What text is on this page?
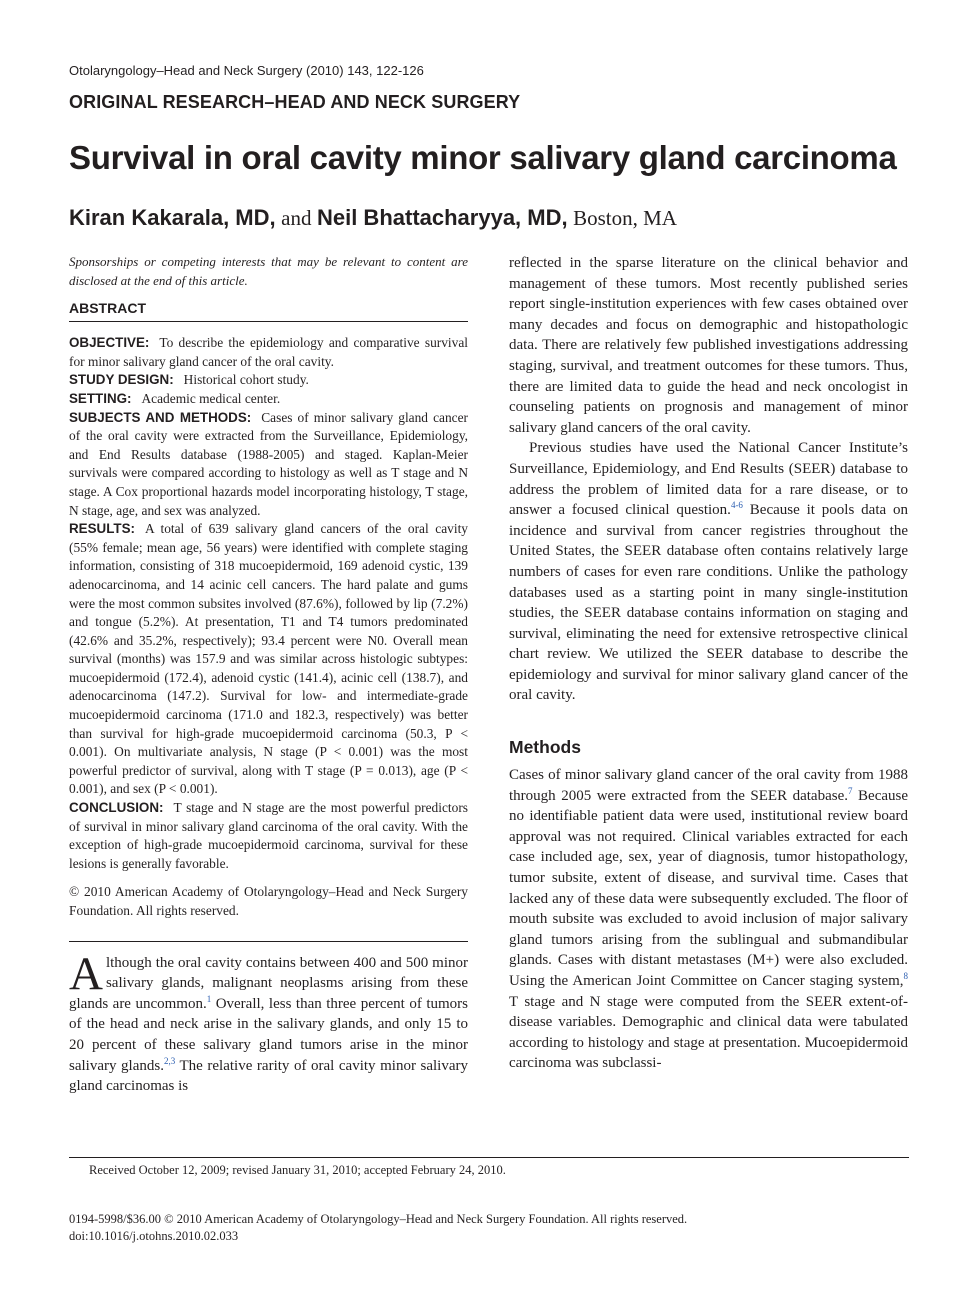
Otolaryngology–Head and Neck Surgery (2010) 143, 122-126
ORIGINAL RESEARCH–HEAD AND NECK SURGERY
Survival in oral cavity minor salivary gland carcinoma
Kiran Kakarala, MD, and Neil Bhattacharyya, MD, Boston, MA

Sponsorships or competing interests that may be relevant to content are disclosed at the end of this article.

ABSTRACT

OBJECTIVE: To describe the epidemiology and comparative survival for minor salivary gland cancer of the oral cavity.

STUDY DESIGN: Historical cohort study.

SETTING: Academic medical center.

SUBJECTS AND METHODS: Cases of minor salivary gland cancer of the oral cavity were extracted from the Surveillance, Epidemiology, and End Results database (1988-2005) and staged. Kaplan-Meier survivals were compared according to histology as well as T stage and N stage. A Cox proportional hazards model incorporating histology, T stage, N stage, age, and sex was analyzed.

RESULTS: A total of 639 salivary gland cancers of the oral cavity (55% female; mean age, 56 years) were identified with complete staging information, consisting of 318 mucoepidermoid, 169 adenoid cystic, 139 adenocarcinoma, and 14 acinic cell cancers. The hard palate and gums were the most common subsites involved (87.6%), followed by lip (7.2%) and tongue (5.2%). At presentation, T1 and T4 tumors predominated (42.6% and 35.2%, respectively); 93.4 percent were N0. Overall mean survival (months) was 157.9 and was similar across histologic subtypes: mucoepidermoid (172.4), adenoid cystic (141.4), acinic cell (138.7), and adenocarcinoma (147.2). Survival for low- and intermediate-grade mucoepidermoid carcinoma (171.0 and 182.3, respectively) was better than survival for high-grade mucoepidermoid carcinoma (50.3, P < 0.001). On multivariate analysis, N stage (P < 0.001) was the most powerful predictor of survival, along with T stage (P = 0.013), age (P < 0.001), and sex (P < 0.001).

CONCLUSION: T stage and N stage are the most powerful predictors of survival in minor salivary gland carcinoma of the oral cavity. With the exception of high-grade mucoepidermoid carcinoma, survival for these lesions is generally favorable.

© 2010 American Academy of Otolaryngology–Head and Neck Surgery Foundation. All rights reserved.

Although the oral cavity contains between 400 and 500 minor salivary glands, malignant neoplasms arising from these glands are uncommon.$^1$ Overall, less than three percent of tumors of the head and neck arise in the salivary glands, and only 15 to 20 percent of these salivary gland tumors arise in the minor salivary glands.$^{2,3}$ The relative rarity of oral cavity minor salivary gland carcinomas is

reflected in the sparse literature on the clinical behavior and management of these tumors. Most recently published series report single-institution experiences with few cases obtained over many decades and focus on demographic and histopathologic data. There are relatively few published investigations addressing staging, survival, and treatment outcomes for these tumors. Thus, there are limited data to guide the head and neck oncologist in counseling patients on prognosis and management of minor salivary gland cancers of the oral cavity.

Previous studies have used the National Cancer Institute’s Surveillance, Epidemiology, and End Results (SEER) database to address the problem of limited data for a rare disease, or to answer a focused clinical question.$^{4-6}$ Because it pools data on incidence and survival from cancer registries throughout the United States, the SEER database often contains relatively large numbers of cases for even rare conditions. Unlike the pathology databases used as a starting point in many single-institution studies, the SEER database contains information on staging and survival, eliminating the need for extensive retrospective clinical chart review. We utilized the SEER database to describe the epidemiology and survival for minor salivary gland cancer of the oral cavity.

Methods

Cases of minor salivary gland cancer of the oral cavity from 1988 through 2005 were extracted from the SEER database.$^7$ Because no identifiable patient data were used, institutional review board approval was not required. Clinical variables extracted for each case included age, sex, year of diagnosis, tumor histopathology, tumor subsite, extent of disease, and survival time. Cases that lacked any of these data were subsequently excluded. The floor of mouth subsite was excluded to avoid inclusion of major salivary gland tumors arising from the sublingual and submandibular glands. Cases with distant metastases (M+) were also excluded. Using the American Joint Committee on Cancer staging system,$^8$ T stage and N stage were computed from the SEER extent-of-disease variables. Demographic and clinical data were tabulated according to histology and stage at presentation. Mucoepidermoid carcinoma was subclassi-

Received October 12, 2009; revised January 31, 2010; accepted February 24, 2010.
0194-5998/$36.00 © 2010 American Academy of Otolaryngology–Head and Neck Surgery Foundation. All rights reserved.
doi:10.1016/j.otohns.2010.02.033
